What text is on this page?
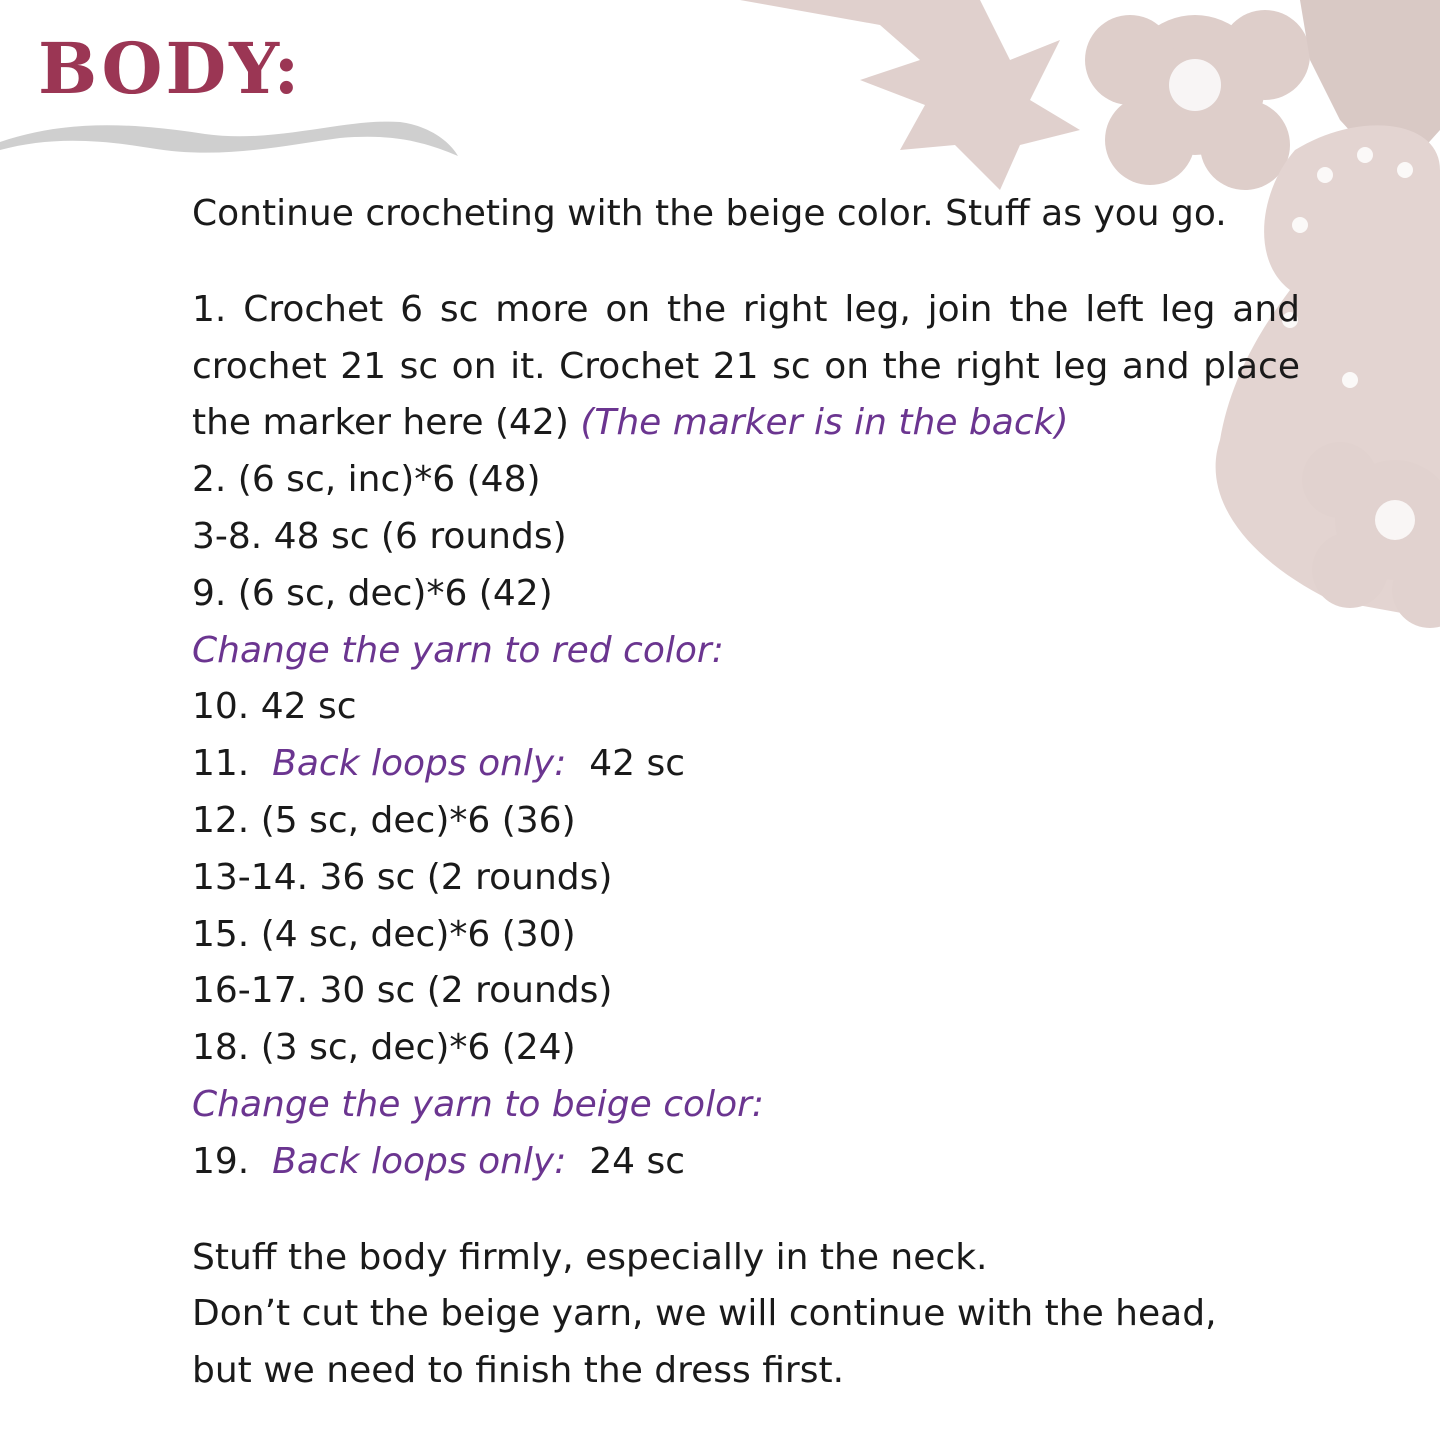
BODY:

Continue crocheting with the beige color. Stuff as you go.

1. Crochet 6 sc more on the right leg, join the left leg and crochet 21 sc on it. Crochet 21 sc on the right leg and place the marker here (42) (The marker is in the back)

2. (6 sc, inc)*6 (48)

3-8. 48 sc (6 rounds)

9. (6 sc, dec)*6 (42)

Change the yarn to red color:

10. 42 sc

11.  Back loops only:  42 sc

12. (5 sc, dec)*6 (36)

13-14. 36 sc (2 rounds)

15. (4 sc, dec)*6 (30)

16-17. 30 sc (2 rounds)

18. (3 sc, dec)*6 (24)

Change the yarn to beige color:

19.  Back loops only:  24 sc

Stuff the body firmly, especially in the neck.

Don’t cut the beige yarn, we will continue with the head,

but we need to finish the dress first.
